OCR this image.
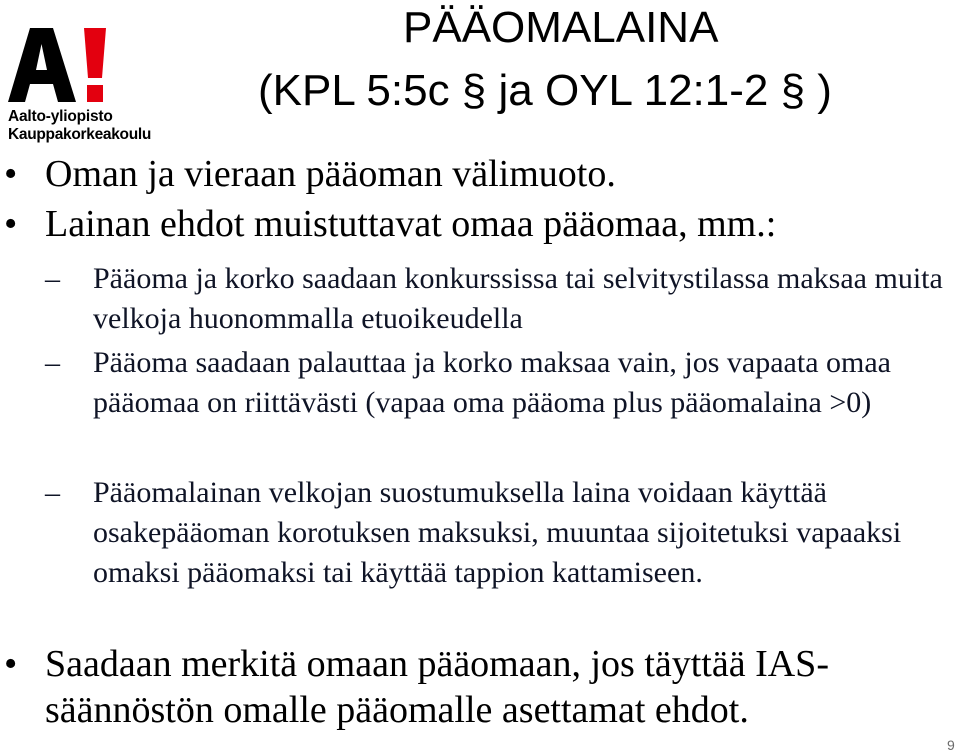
Aalto-yliopisto
Kauppakorkeakoulu
PÄÄOMALAINA
(KPL 5:5c § ja OYL 12:1-2 § )
• Oman ja vieraan pääoman välimuoto.
• Lainan ehdot muistuttavat omaa pääomaa, mm.:
– Pääoma ja korko saadaan konkurssissa tai selvitystilassa maksaa muita velkoja huonommalla etuoikeudella
– Pääoma saadaan palauttaa ja korko maksaa vain, jos vapaata omaa pääomaa on riittävästi (vapaa oma pääoma plus pääomalaina >0)
– Pääomalainan velkojan suostumuksella laina voidaan käyttää osakepääoman korotuksen maksuksi, muuntaa sijoitetuksi vapaaksi omaksi pääomaksi tai käyttää tappion kattamiseen.
• Saadaan merkitä omaan pääomaan, jos täyttää IAS-säännöstön omalle pääomalle asettamat ehdot.
9
